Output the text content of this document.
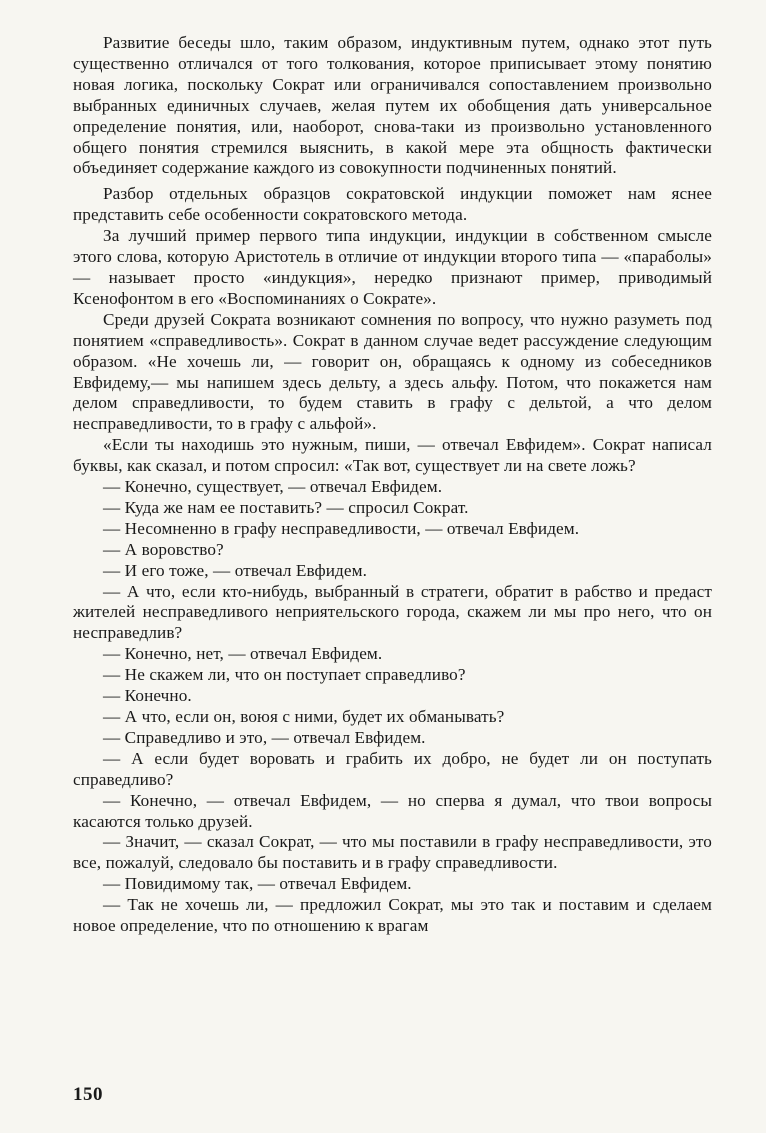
Развитие беседы шло, таким образом, индуктивным путем, однако этот путь существенно отличался от того толкования, которое приписывает этому понятию новая логика, поскольку Сократ или ограничивался сопоставлением произвольно выбранных единичных случаев, желая путем их обобщения дать универсальное определение понятия, или, наоборот, снова-таки из произвольно установленного общего понятия стремился выяснить, в какой мере эта общность фактически объединяет содержание каждого из совокупности подчиненных понятий.

Разбор отдельных образцов сократовской индукции поможет нам яснее представить себе особенности сократовского метода.

За лучший пример первого типа индукции, индукции в собственном смысле этого слова, которую Аристотель в отличие от индукции второго типа — «параболы» — называет просто «индукция», нередко признают пример, приводимый Ксенофонтом в его «Воспоминаниях о Сократе».

Среди друзей Сократа возникают сомнения по вопросу, что нужно разуметь под понятием «справедливость». Сократ в данном случае ведет рассуждение следующим образом. «Не хочешь ли, — говорит он, обращаясь к одному из собеседников Евфидему,— мы напишем здесь дельту, а здесь альфу. Потом, что покажется нам делом справедливости, то будем ставить в графу с дельтой, а что делом несправедливости, то в графу с альфой».

«Если ты находишь это нужным, пиши, — отвечал Евфидем». Сократ написал буквы, как сказал, и потом спросил: «Так вот, существует ли на свете ложь?

— Конечно, существует, — отвечал Евфидем.

— Куда же нам ее поставить? — спросил Сократ.

— Несомненно в графу несправедливости, — отвечал Евфидем.

— А воровство?

— И его тоже, — отвечал Евфидем.

— А что, если кто-нибудь, выбранный в стратеги, обратит в рабство и предаст жителей несправедливого неприятельского города, скажем ли мы про него, что он несправедлив?

— Конечно, нет, — отвечал Евфидем.

— Не скажем ли, что он поступает справедливо?

— Конечно.

— А что, если он, воюя с ними, будет их обманывать?

— Справедливо и это, — отвечал Евфидем.

— А если будет воровать и грабить их добро, не будет ли он поступать справедливо?

— Конечно, — отвечал Евфидем, — но сперва я думал, что твои вопросы касаются только друзей.

— Значит, — сказал Сократ, — что мы поставили в графу несправедливости, это все, пожалуй, следовало бы поставить и в графу справедливости.

— Повидимому так, — отвечал Евфидем.

— Так не хочешь ли, — предложил Сократ, мы это так и поставим и сделаем новое определение, что по отношению к врагам

150
